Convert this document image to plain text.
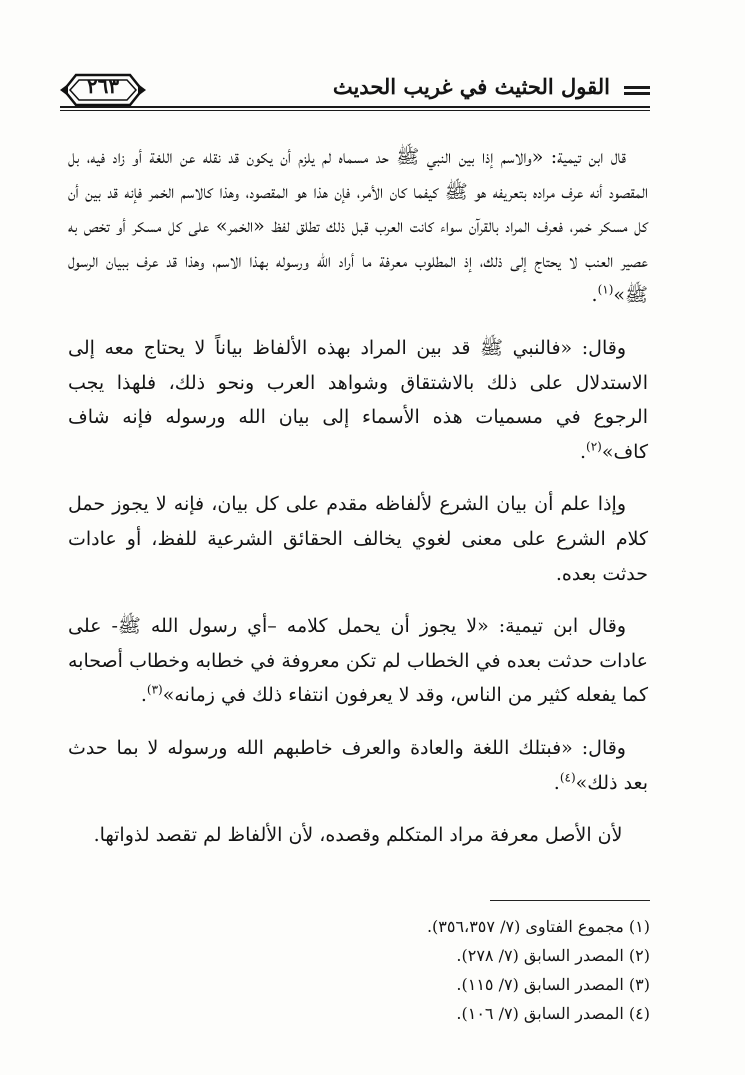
القول الحثيث في غريب الحديث
٢٦٣

قال ابن تيمية: «والاسم إذا بين النبي ﷺ حد مسماه لم يلزم أن يكون قد نقله عن اللغة أو زاد فيه، بل المقصود أنه عرف مراده بتعريفه هو ﷺ كيفما كان الأمر، فإن هذا هو المقصود، وهذا كالاسم الخمر فإنه قد بين أن كل مسكر خمر، فعرف المراد بالقرآن سواء كانت العرب قبل ذلك تطلق لفظ «الخمر» على كل مسكر أو تخص به عصير العنب لا يحتاج إلى ذلك، إذ المطلوب معرفة ما أراد الله ورسوله بهذا الاسم، وهذا قد عرف ببيان الرسول ﷺ»$^{(١)}$.

وقال: «فالنبي ﷺ قد بين المراد بهذه الألفاظ بياناً لا يحتاج معه إلى الاستدلال على ذلك بالاشتقاق وشواهد العرب ونحو ذلك، فلهذا يجب الرجوع في مسميات هذه الأسماء إلى بيان الله ورسوله فإنه شاف كاف»$^{(٢)}$.

وإذا علم أن بيان الشرع لألفاظه مقدم على كل بيان، فإنه لا يجوز حمل كلام الشرع على معنى لغوي يخالف الحقائق الشرعية للفظ، أو عادات حدثت بعده.

وقال ابن تيمية: «لا يجوز أن يحمل كلامه –أي رسول الله ﷺ- على عادات حدثت بعده في الخطاب لم تكن معروفة في خطابه وخطاب أصحابه كما يفعله كثير من الناس، وقد لا يعرفون انتفاء ذلك في زمانه»$^{(٣)}$.

وقال: «فبتلك اللغة والعادة والعرف خاطبهم الله ورسوله لا بما حدث بعد ذلك»$^{(٤)}$.

لأن الأصل معرفة مراد المتكلم وقصده، لأن الألفاظ لم تقصد لذواتها.

(١) مجموع الفتاوى (٧/ ٣٥٦،٣٥٧).
(٢) المصدر السابق (٧/ ٢٧٨).
(٣) المصدر السابق (٧/ ١١٥).
(٤) المصدر السابق (٧/ ١٠٦).
